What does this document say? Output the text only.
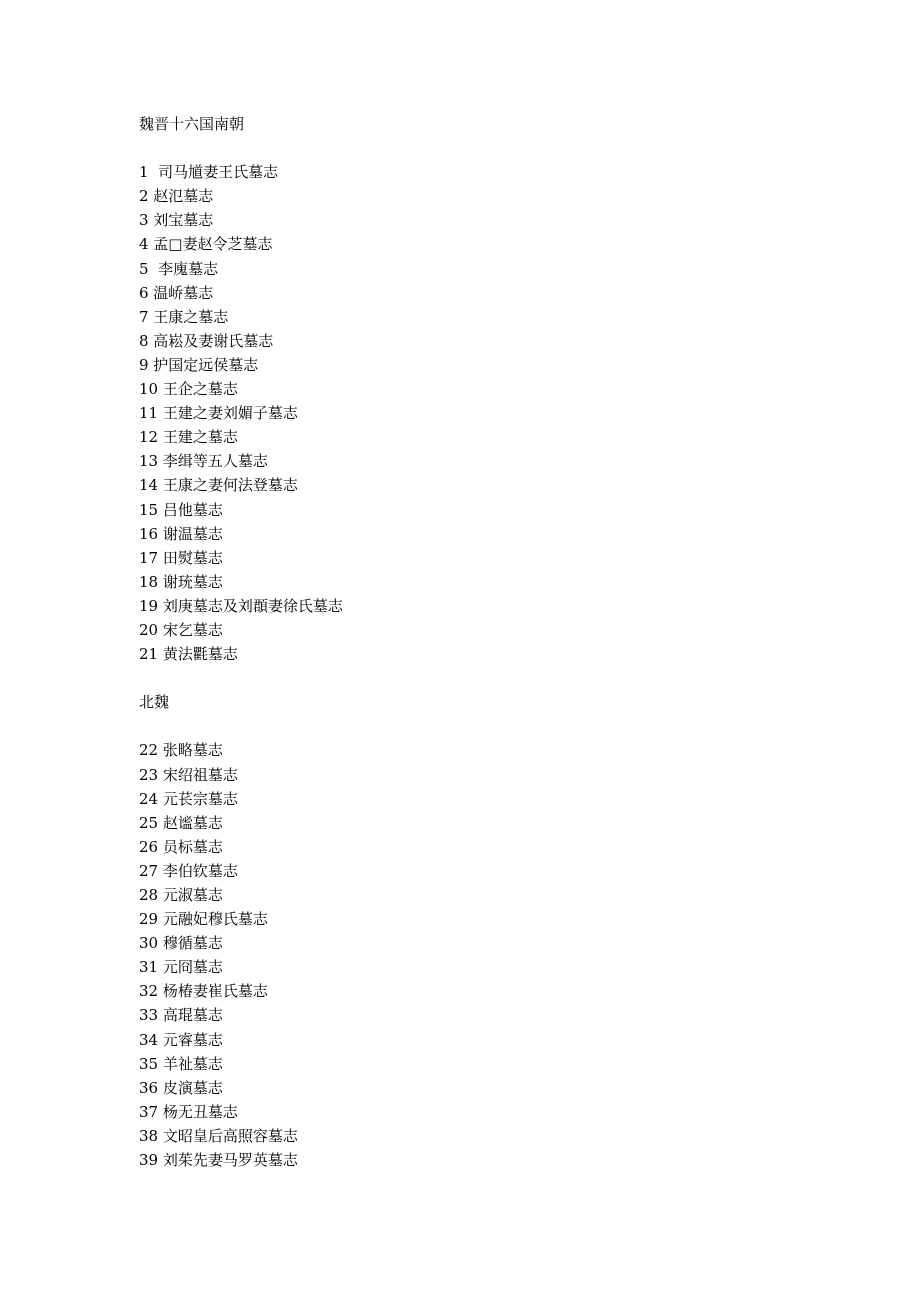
魏晋十六国南朝
1  司马馗妻王氏墓志
2 赵氾墓志
3 刘宝墓志
4 孟□妻赵令芝墓志
5  李廆墓志
6 温峤墓志
7 王康之墓志
8 高崧及妻谢氏墓志
9 护国定远侯墓志
10 王企之墓志
11 王建之妻刘媚子墓志
12 王建之墓志
13 李缉等五人墓志
14 王康之妻何法登墓志
15 吕他墓志
16 谢温墓志
17 田熨墓志
18 谢珫墓志
19 刘庚墓志及刘頵妻徐氏墓志
20 宋乞墓志
21 黄法氍墓志
北魏
22 张略墓志
23 宋绍祖墓志
24 元苌宗墓志
25 赵谧墓志
26 员标墓志
27 李伯钦墓志
28 元淑墓志
29 元融妃穆氏墓志
30 穆循墓志
31 元冏墓志
32 杨椿妻崔氏墓志
33 高琨墓志
34 元睿墓志
35 羊祉墓志
36 皮演墓志
37 杨无丑墓志
38 文昭皇后高照容墓志
39 刘茱先妻马罗英墓志
